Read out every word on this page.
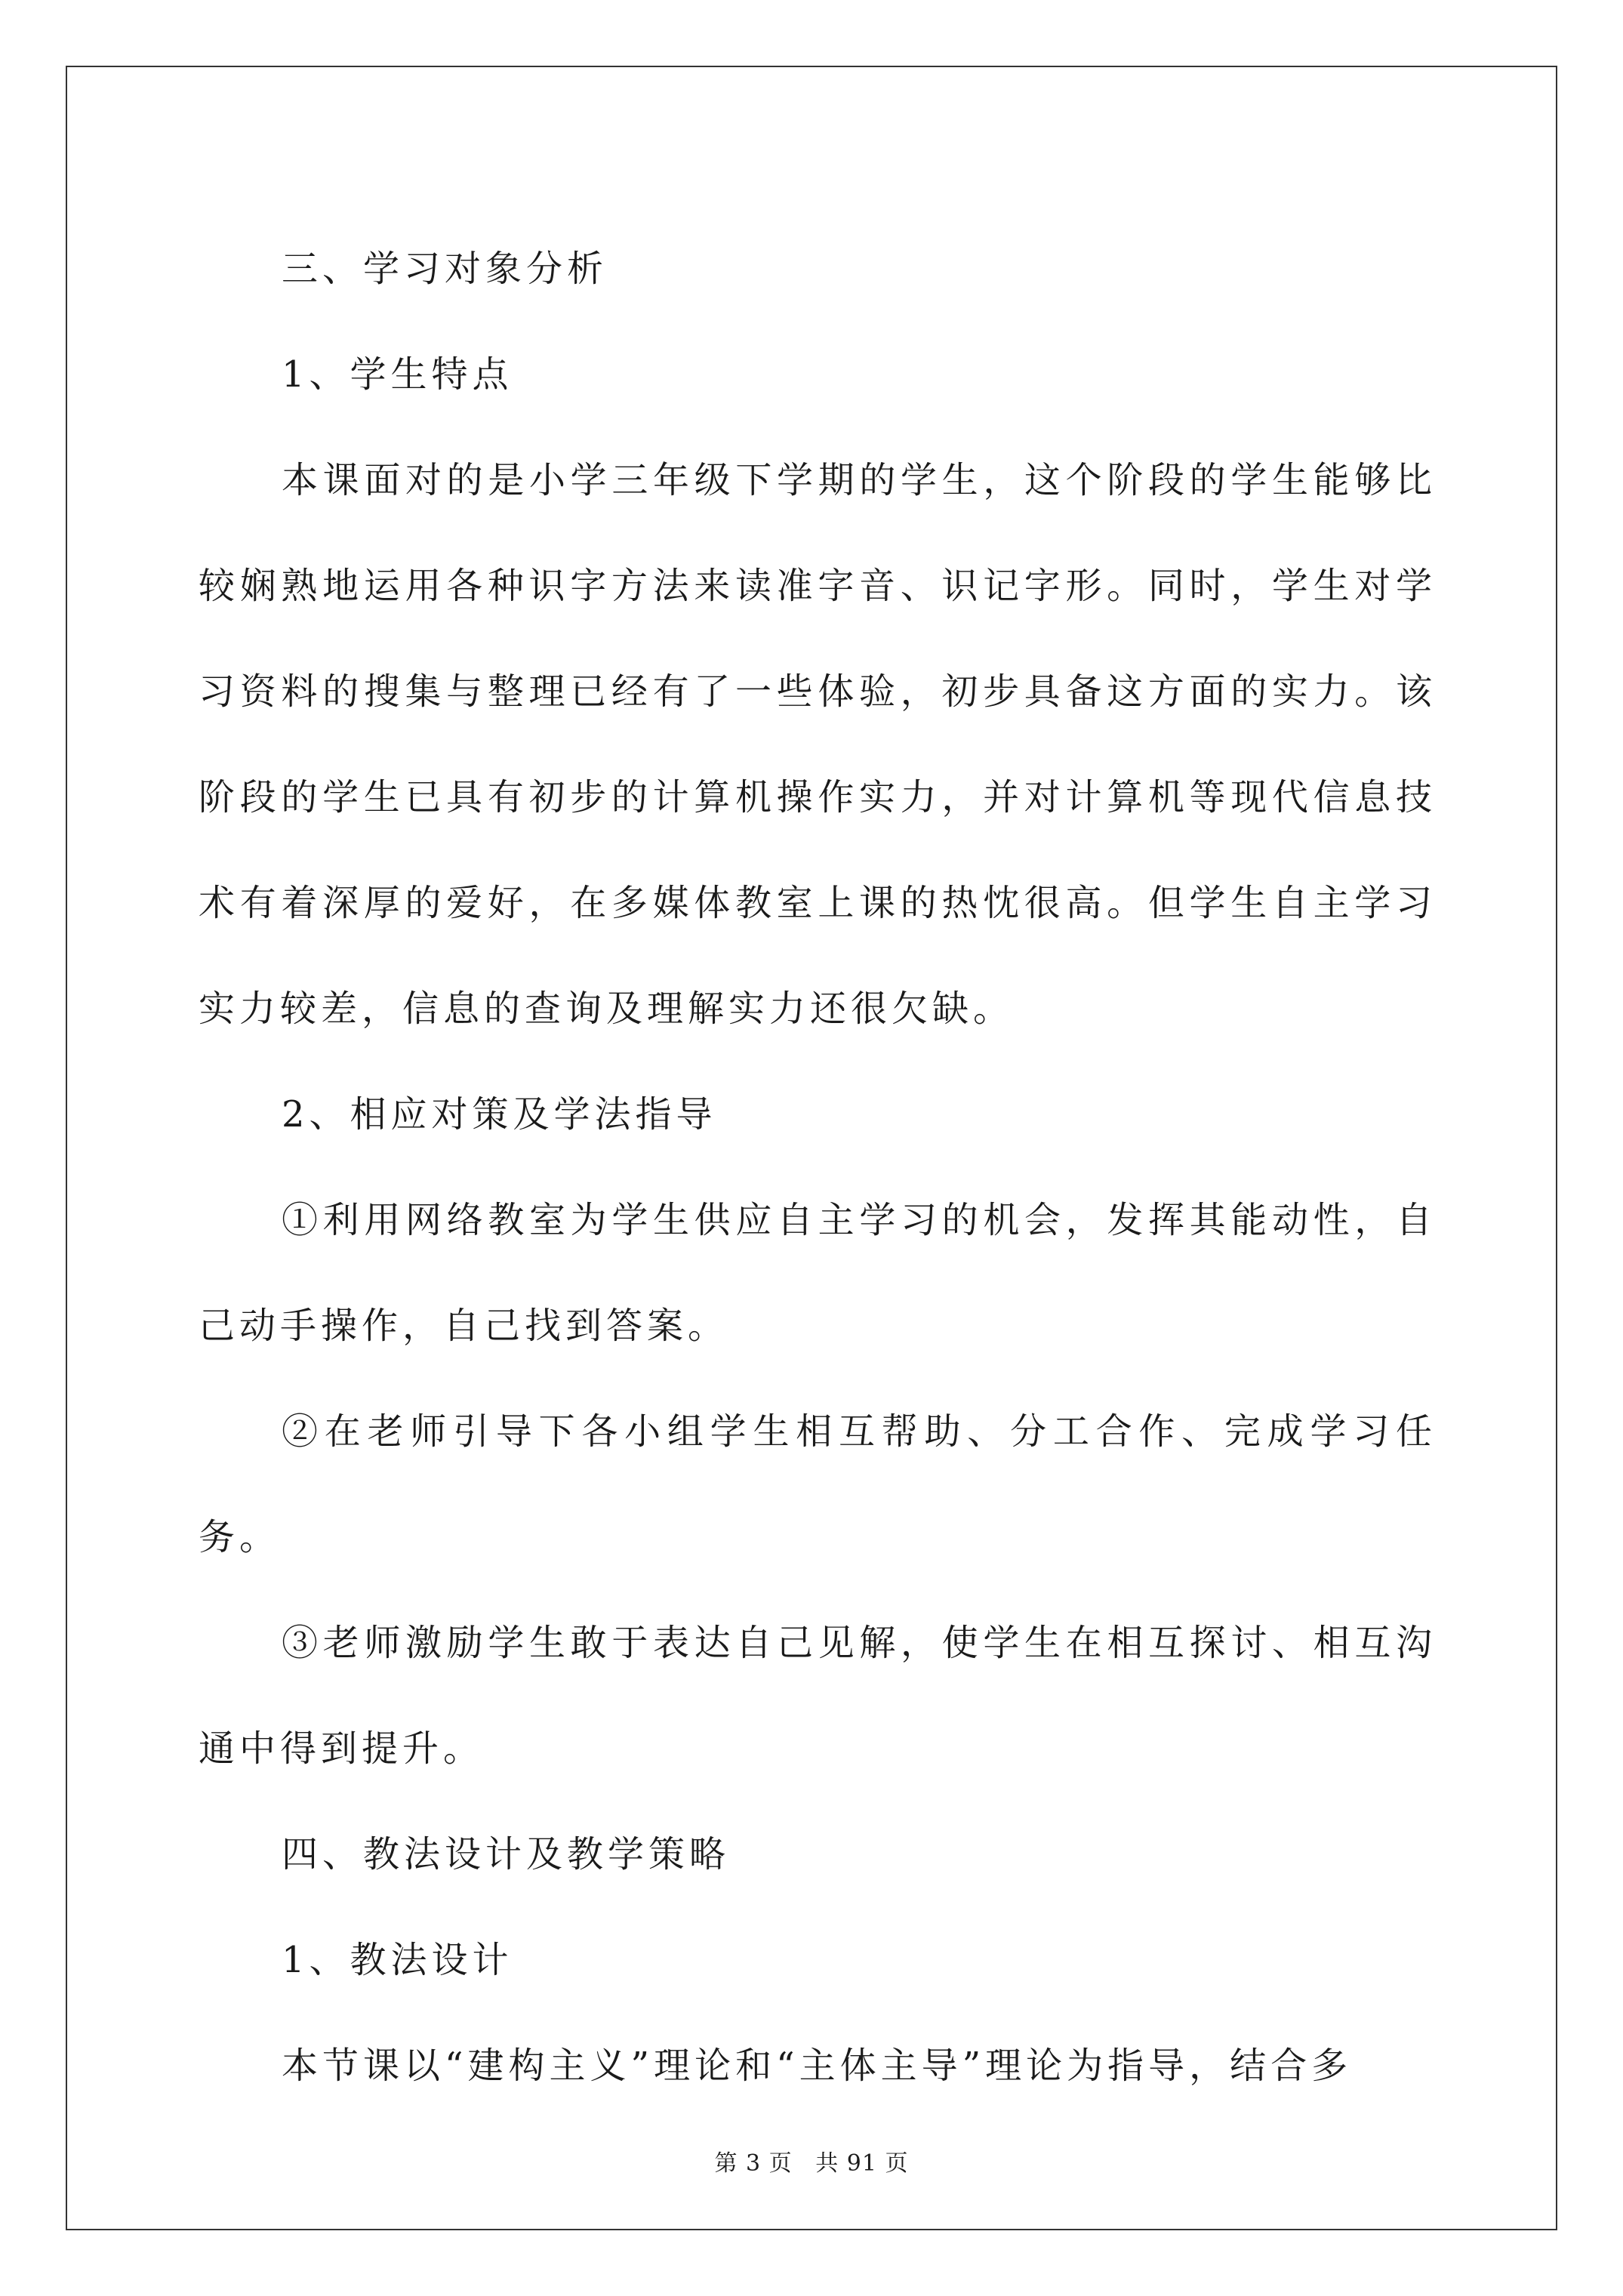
三、学习对象分析

1、学生特点

本课面对的是小学三年级下学期的学生，这个阶段的学生能够比较娴熟地运用各种识字方法来读准字音、识记字形。同时，学生对学习资料的搜集与整理已经有了一些体验，初步具备这方面的实力。该阶段的学生已具有初步的计算机操作实力，并对计算机等现代信息技术有着深厚的爱好，在多媒体教室上课的热忱很高。但学生自主学习实力较差，信息的查询及理解实力还很欠缺。

2、相应对策及学法指导

①利用网络教室为学生供应自主学习的机会，发挥其能动性，自己动手操作，自己找到答案。

②在老师引导下各小组学生相互帮助、分工合作、完成学习任务。

③老师激励学生敢于表达自己见解，使学生在相互探讨、相互沟通中得到提升。

四、教法设计及教学策略

1、教法设计

本节课以“建构主义”理论和“主体主导”理论为指导，结合多

第 3 页 共 91 页
